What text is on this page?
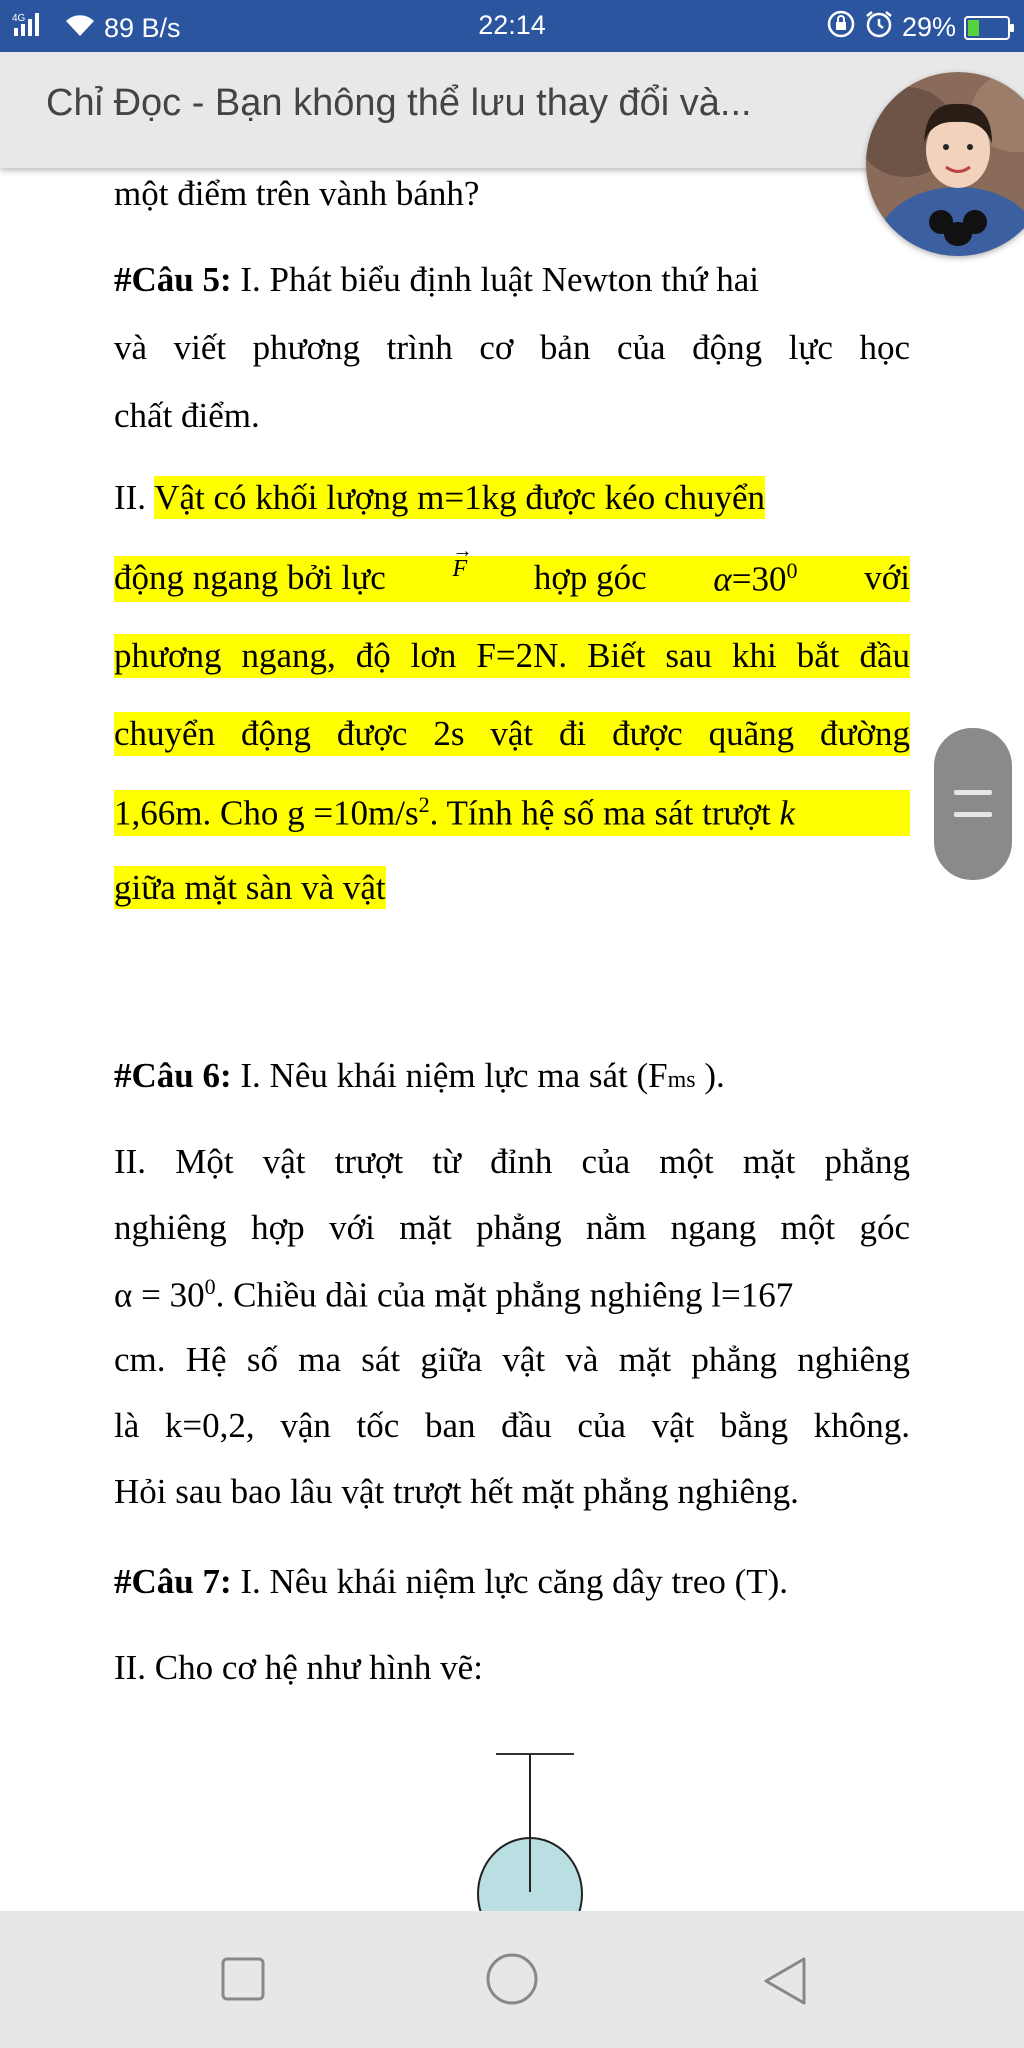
4G	89 B/s	22:14	29%
Chỉ Đọc - Bạn không thể lưu thay đổi và...
một điểm trên vành bánh?
#Câu 5: I. Phát biểu định luật Newton thứ hai
và viết phương trình cơ bản của động lực học
chất điểm.
II. Vật có khối lượng m=1kg được kéo chuyển
động ngang bởi lực
→
F hợp góc $\alpha=30^0$ với
phương ngang, độ lơn F=2N. Biết sau khi bắt đầu
chuyển động được 2s vật đi được quãng đường
1,66m. Cho $g =10m/s^2$. Tính hệ số ma sát trượt k
giữa mặt sàn và vật
#Câu 6: I. Nêu khái niệm lực ma sát (Fms ).
II. Một vật trượt từ đỉnh của một mặt phẳng
nghiêng hợp với mặt phẳng nằm ngang một góc
$\alpha = 30^0$. Chiều dài của mặt phẳng nghiêng l=167
cm. Hệ số ma sát giữa vật và mặt phẳng nghiêng
là k=0,2, vận tốc ban đầu của vật bằng không.
Hỏi sau bao lâu vật trượt hết mặt phẳng nghiêng.
#Câu 7: I. Nêu khái niệm lực căng dây treo (T).
II. Cho cơ hệ như hình vẽ:
